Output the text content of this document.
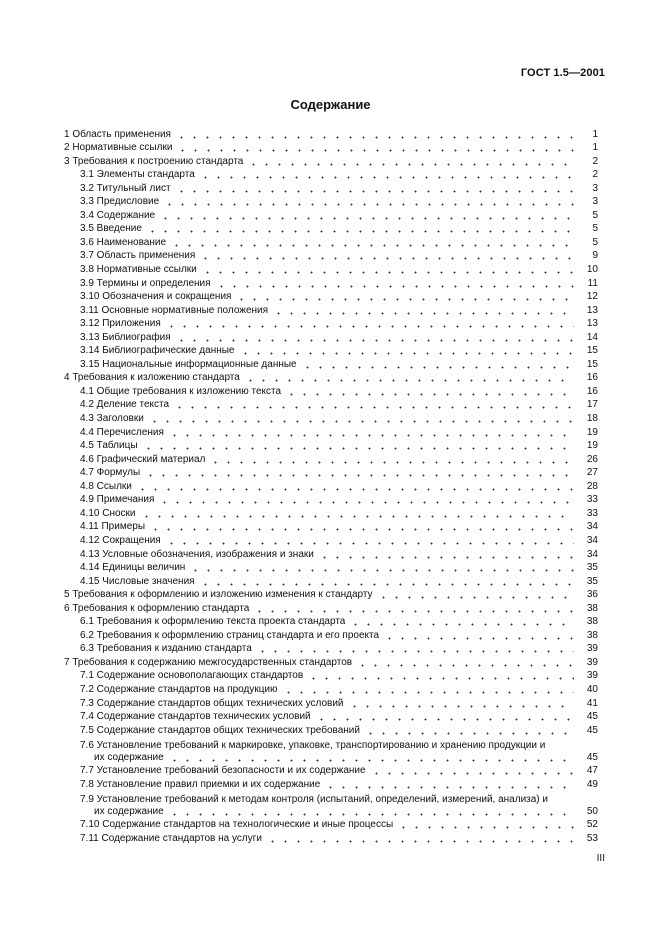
ГОСТ 1.5—2001
Содержание
1 Область применения	1
2 Нормативные ссылки	1
3 Требования к построению стандарта	2
3.1 Элементы стандарта	2
3.2 Титульный лист	3
3.3 Предисловие	3
3.4 Содержание	5
3.5 Введение	5
3.6 Наименование	5
3.7 Область применения	9
3.8 Нормативные ссылки	10
3.9 Термины и определения	11
3.10 Обозначения и сокращения	12
3.11 Основные нормативные положения	13
3.12 Приложения	13
3.13 Библиография	14
3.14 Библиографические данные	15
3.15 Национальные информационные данные	15
4 Требования к изложению стандарта	16
4.1 Общие требования к изложению текста	16
4.2 Деление текста	17
4.3 Заголовки	18
4.4 Перечисления	19
4.5 Таблицы	19
4.6 Графический материал	26
4.7 Формулы	27
4.8 Ссылки	28
4.9 Примечания	33
4.10 Сноски	33
4.11 Примеры	34
4.12 Сокращения	34
4.13 Условные обозначения, изображения и знаки	34
4.14 Единицы величин	35
4.15 Числовые значения	35
5 Требования к оформлению и изложению изменения к стандарту	36
6 Требования к оформлению стандарта	38
6.1 Требования к оформлению текста проекта стандарта	38
6.2 Требования к оформлению страниц стандарта и его проекта	38
6.3 Требования к изданию стандарта	39
7 Требования к содержанию межгосударственных стандартов	39
7.1 Содержание основополагающих стандартов	39
7.2 Содержание стандартов на продукцию	40
7.3 Содержание стандартов общих технических условий	41
7.4 Содержание стандартов технических условий	45
7.5 Содержание стандартов общих технических требований	45
7.6 Установление требований к маркировке, упаковке, транспортированию и хранению продукции и
их содержание	45
7.7 Установление требований безопасности и их содержание	47
7.8 Установление правил приемки и их содержание	49
7.9 Установление требований к методам контроля (испытаний, определений, измерений, анализа) и
их содержание	50
7.10 Содержание стандартов на технологические и иные процессы	52
7.11 Содержание стандартов на услуги	53
III
